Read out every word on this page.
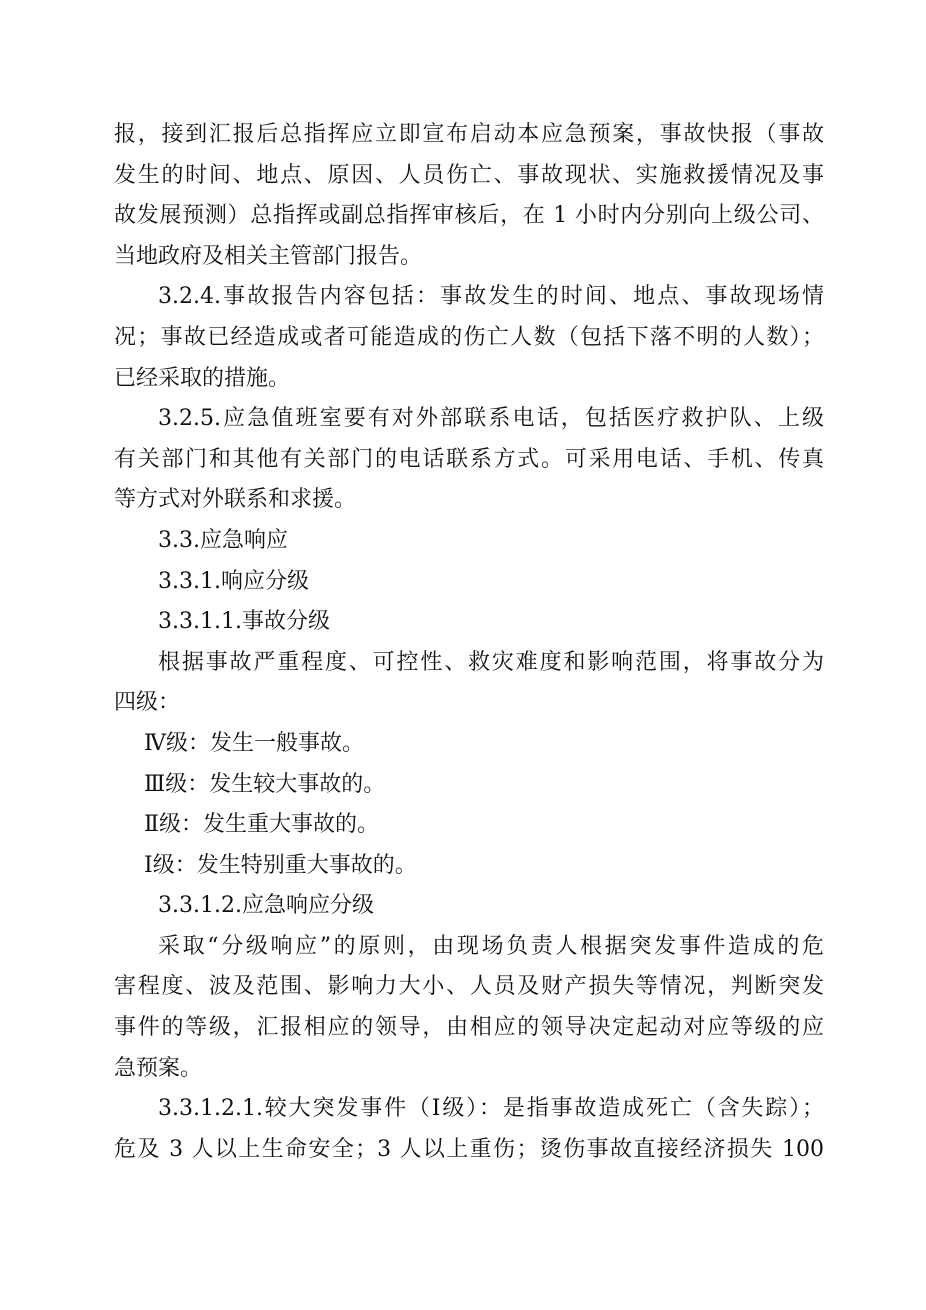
报，接到汇报后总指挥应立即宣布启动本应急预案，事故快报（事故
发生的时间、地点、原因、人员伤亡、事故现状、实施救援情况及事
故发展预测）总指挥或副总指挥审核后，在 1 小时内分别向上级公司、
当地政府及相关主管部门报告。
3.2.4.事故报告内容包括：事故发生的时间、地点、事故现场情
况；事故已经造成或者可能造成的伤亡人数（包括下落不明的人数）；
已经采取的措施。
3.2.5.应急值班室要有对外部联系电话，包括医疗救护队、上级
有关部门和其他有关部门的电话联系方式。可采用电话、手机、传真
等方式对外联系和求援。
3.3.应急响应
3.3.1.响应分级
3.3.1.1.事故分级
根据事故严重程度、可控性、救灾难度和影响范围，将事故分为
四级：
Ⅳ级：发生一般事故。
Ⅲ级：发生较大事故的。
Ⅱ级：发生重大事故的。
Ⅰ级：发生特别重大事故的。
3.3.1.2.应急响应分级
采取“分级响应”的原则，由现场负责人根据突发事件造成的危
害程度、波及范围、影响力大小、人员及财产损失等情况，判断突发
事件的等级，汇报相应的领导，由相应的领导决定起动对应等级的应
急预案。
3.3.1.2.1.较大突发事件（Ⅰ级）：是指事故造成死亡（含失踪）；
危及 3 人以上生命安全；3 人以上重伤；烫伤事故直接经济损失 100
